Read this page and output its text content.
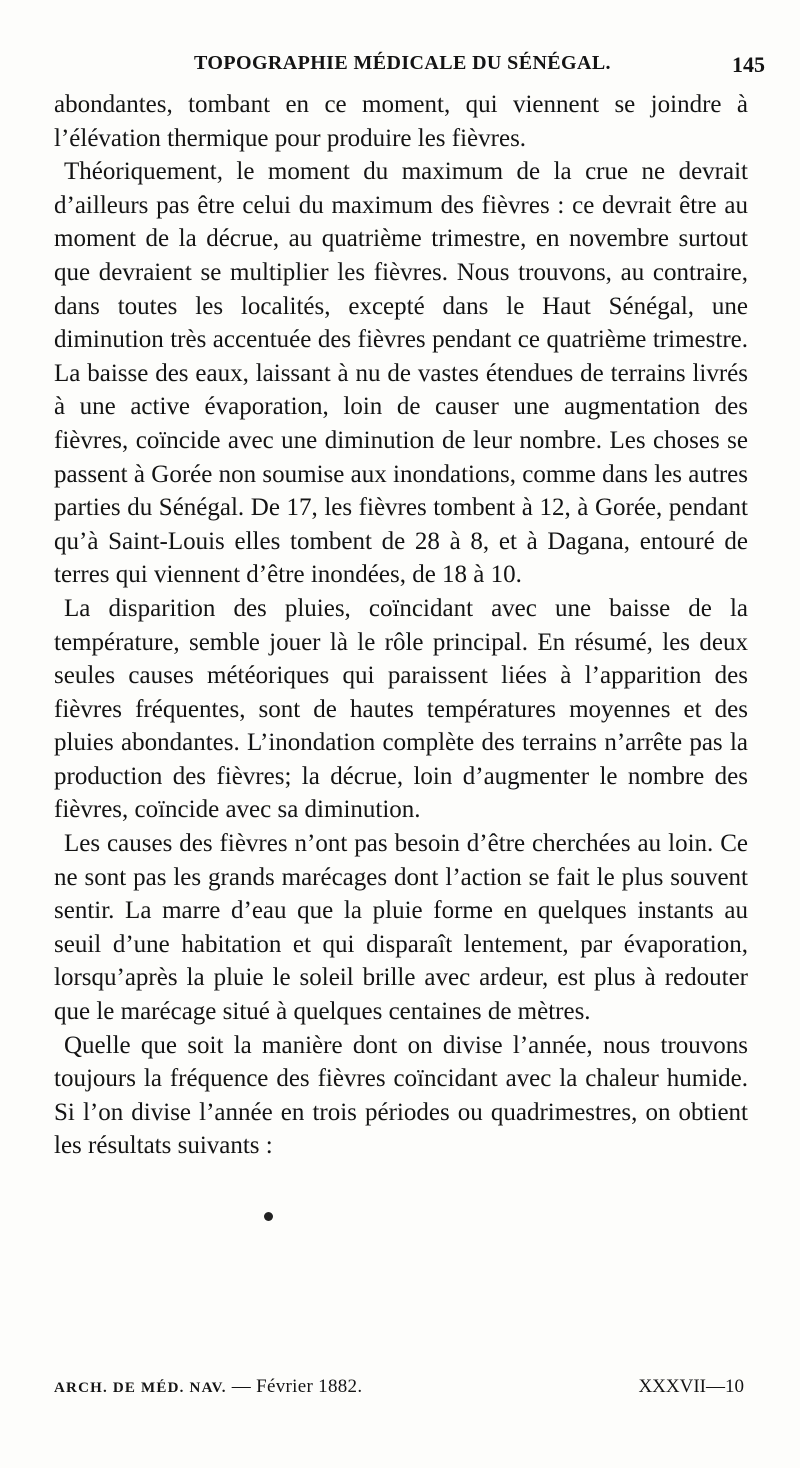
TOPOGRAPHIE MÉDICALE DU SÉNÉGAL.	145

abondantes, tombant en ce moment, qui viennent se joindre à l’élévation thermique pour produire les fièvres.

Théoriquement, le moment du maximum de la crue ne devrait d’ailleurs pas être celui du maximum des fièvres : ce devrait être au moment de la décrue, au quatrième trimestre, en novembre surtout que devraient se multiplier les fièvres. Nous trouvons, au contraire, dans toutes les localités, excepté dans le Haut Sénégal, une diminution très accentuée des fièvres pendant ce quatrième trimestre. La baisse des eaux, laissant à nu de vastes étendues de terrains livrés à une active évaporation, loin de causer une augmentation des fièvres, coïncide avec une diminution de leur nombre. Les choses se passent à Gorée non soumise aux inondations, comme dans les autres parties du Sénégal. De 17, les fièvres tombent à 12, à Gorée, pendant qu’à Saint-Louis elles tombent de 28 à 8, et à Dagana, entouré de terres qui viennent d’être inondées, de 18 à 10.

La disparition des pluies, coïncidant avec une baisse de la température, semble jouer là le rôle principal. En résumé, les deux seules causes météoriques qui paraissent liées à l’apparition des fièvres fréquentes, sont de hautes températures moyennes et des pluies abondantes. L’inondation complète des terrains n’arrête pas la production des fièvres; la décrue, loin d’augmenter le nombre des fièvres, coïncide avec sa diminution.

Les causes des fièvres n’ont pas besoin d’être cherchées au loin. Ce ne sont pas les grands marécages dont l’action se fait le plus souvent sentir. La marre d’eau que la pluie forme en quelques instants au seuil d’une habitation et qui disparaît lentement, par évaporation, lorsqu’après la pluie le soleil brille avec ardeur, est plus à redouter que le marécage situé à quelques centaines de mètres.

Quelle que soit la manière dont on divise l’année, nous trouvons toujours la fréquence des fièvres coïncidant avec la chaleur humide. Si l’on divise l’année en trois périodes ou quadrimestres, on obtient les résultats suivants :

ARCH. DE MÉD. NAV. — Février 1882.	XXXVII—10
